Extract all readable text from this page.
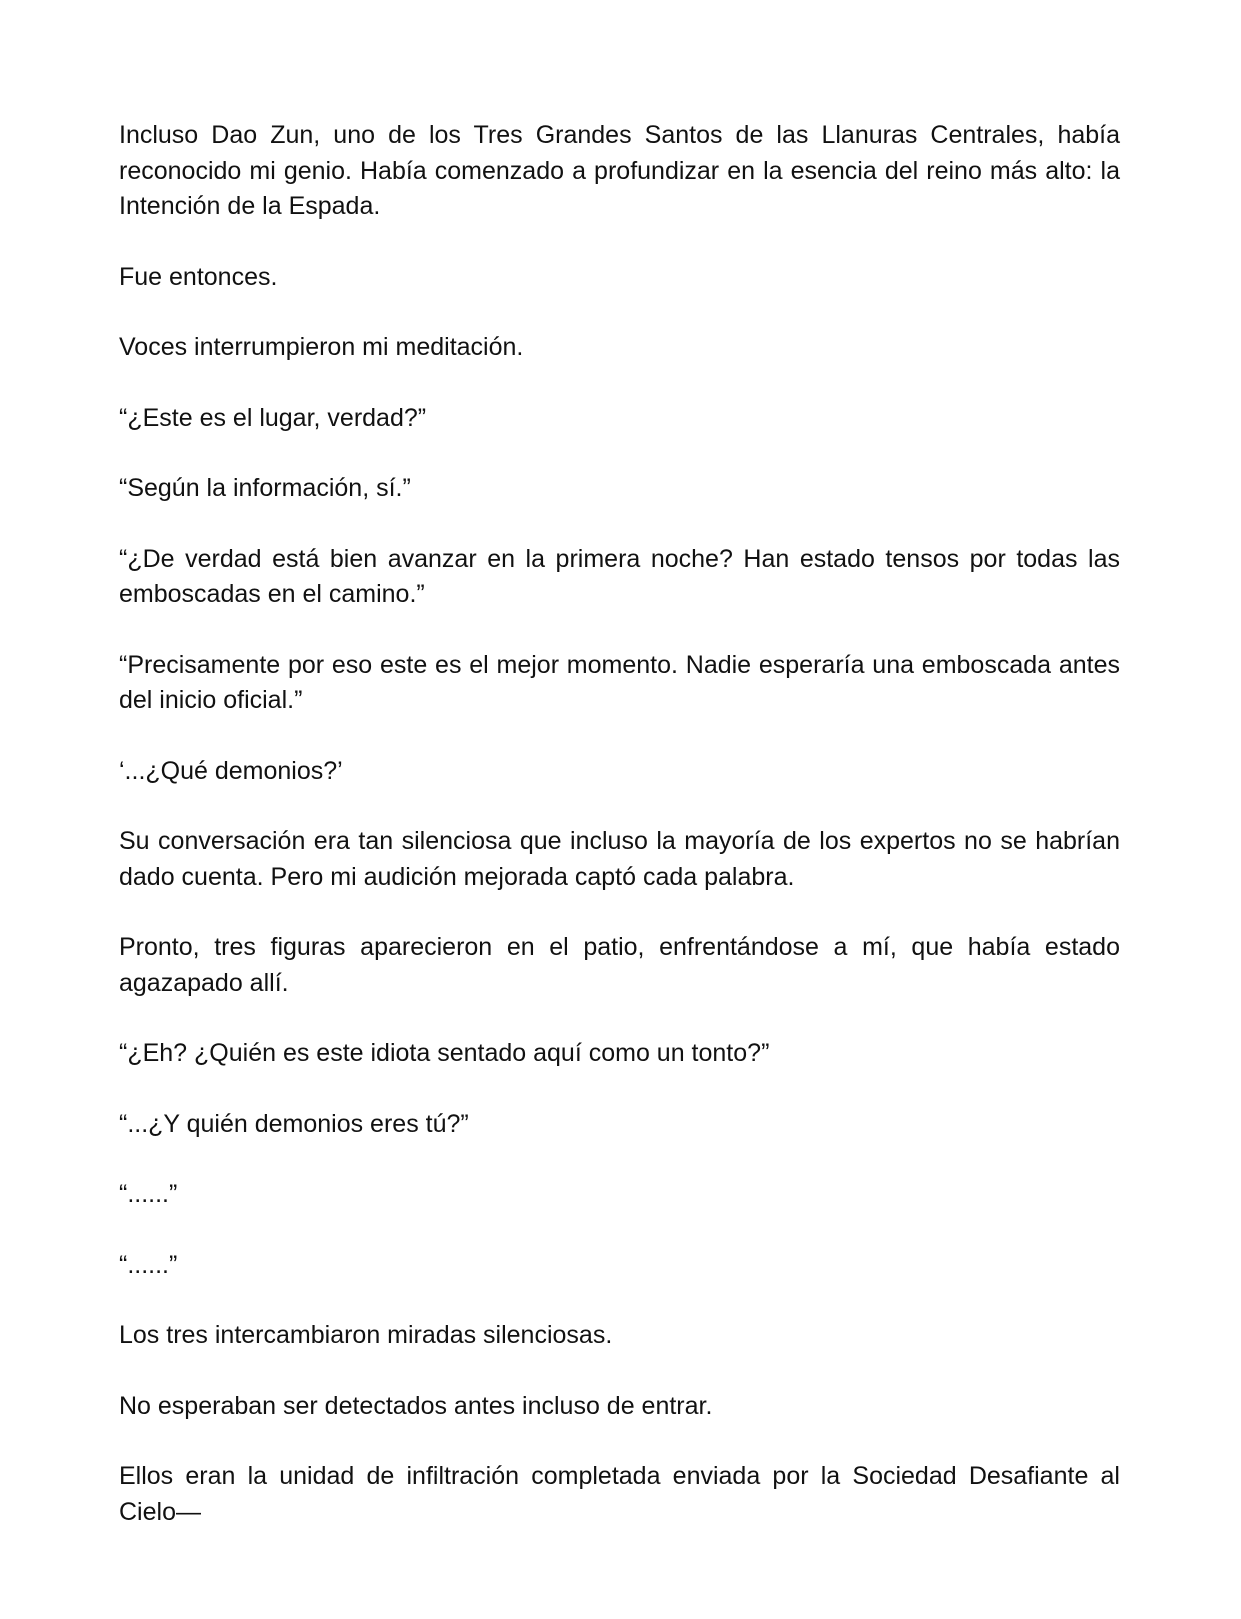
Incluso Dao Zun, uno de los Tres Grandes Santos de las Llanuras Centrales, había reconocido mi genio. Había comenzado a profundizar en la esencia del reino más alto: la Intención de la Espada.

Fue entonces.

Voces interrumpieron mi meditación.

“¿Este es el lugar, verdad?”

“Según la información, sí.”

“¿De verdad está bien avanzar en la primera noche? Han estado tensos por todas las emboscadas en el camino.”

“Precisamente por eso este es el mejor momento. Nadie esperaría una emboscada antes del inicio oficial.”

‘...¿Qué demonios?’

Su conversación era tan silenciosa que incluso la mayoría de los expertos no se habrían dado cuenta. Pero mi audición mejorada captó cada palabra.

Pronto, tres figuras aparecieron en el patio, enfrentándose a mí, que había estado agazapado allí.

“¿Eh? ¿Quién es este idiota sentado aquí como un tonto?”

“...¿Y quién demonios eres tú?”

“......”

“......”

Los tres intercambiaron miradas silenciosas.

No esperaban ser detectados antes incluso de entrar.

Ellos eran la unidad de infiltración completada enviada por la Sociedad Desafiante al Cielo—
